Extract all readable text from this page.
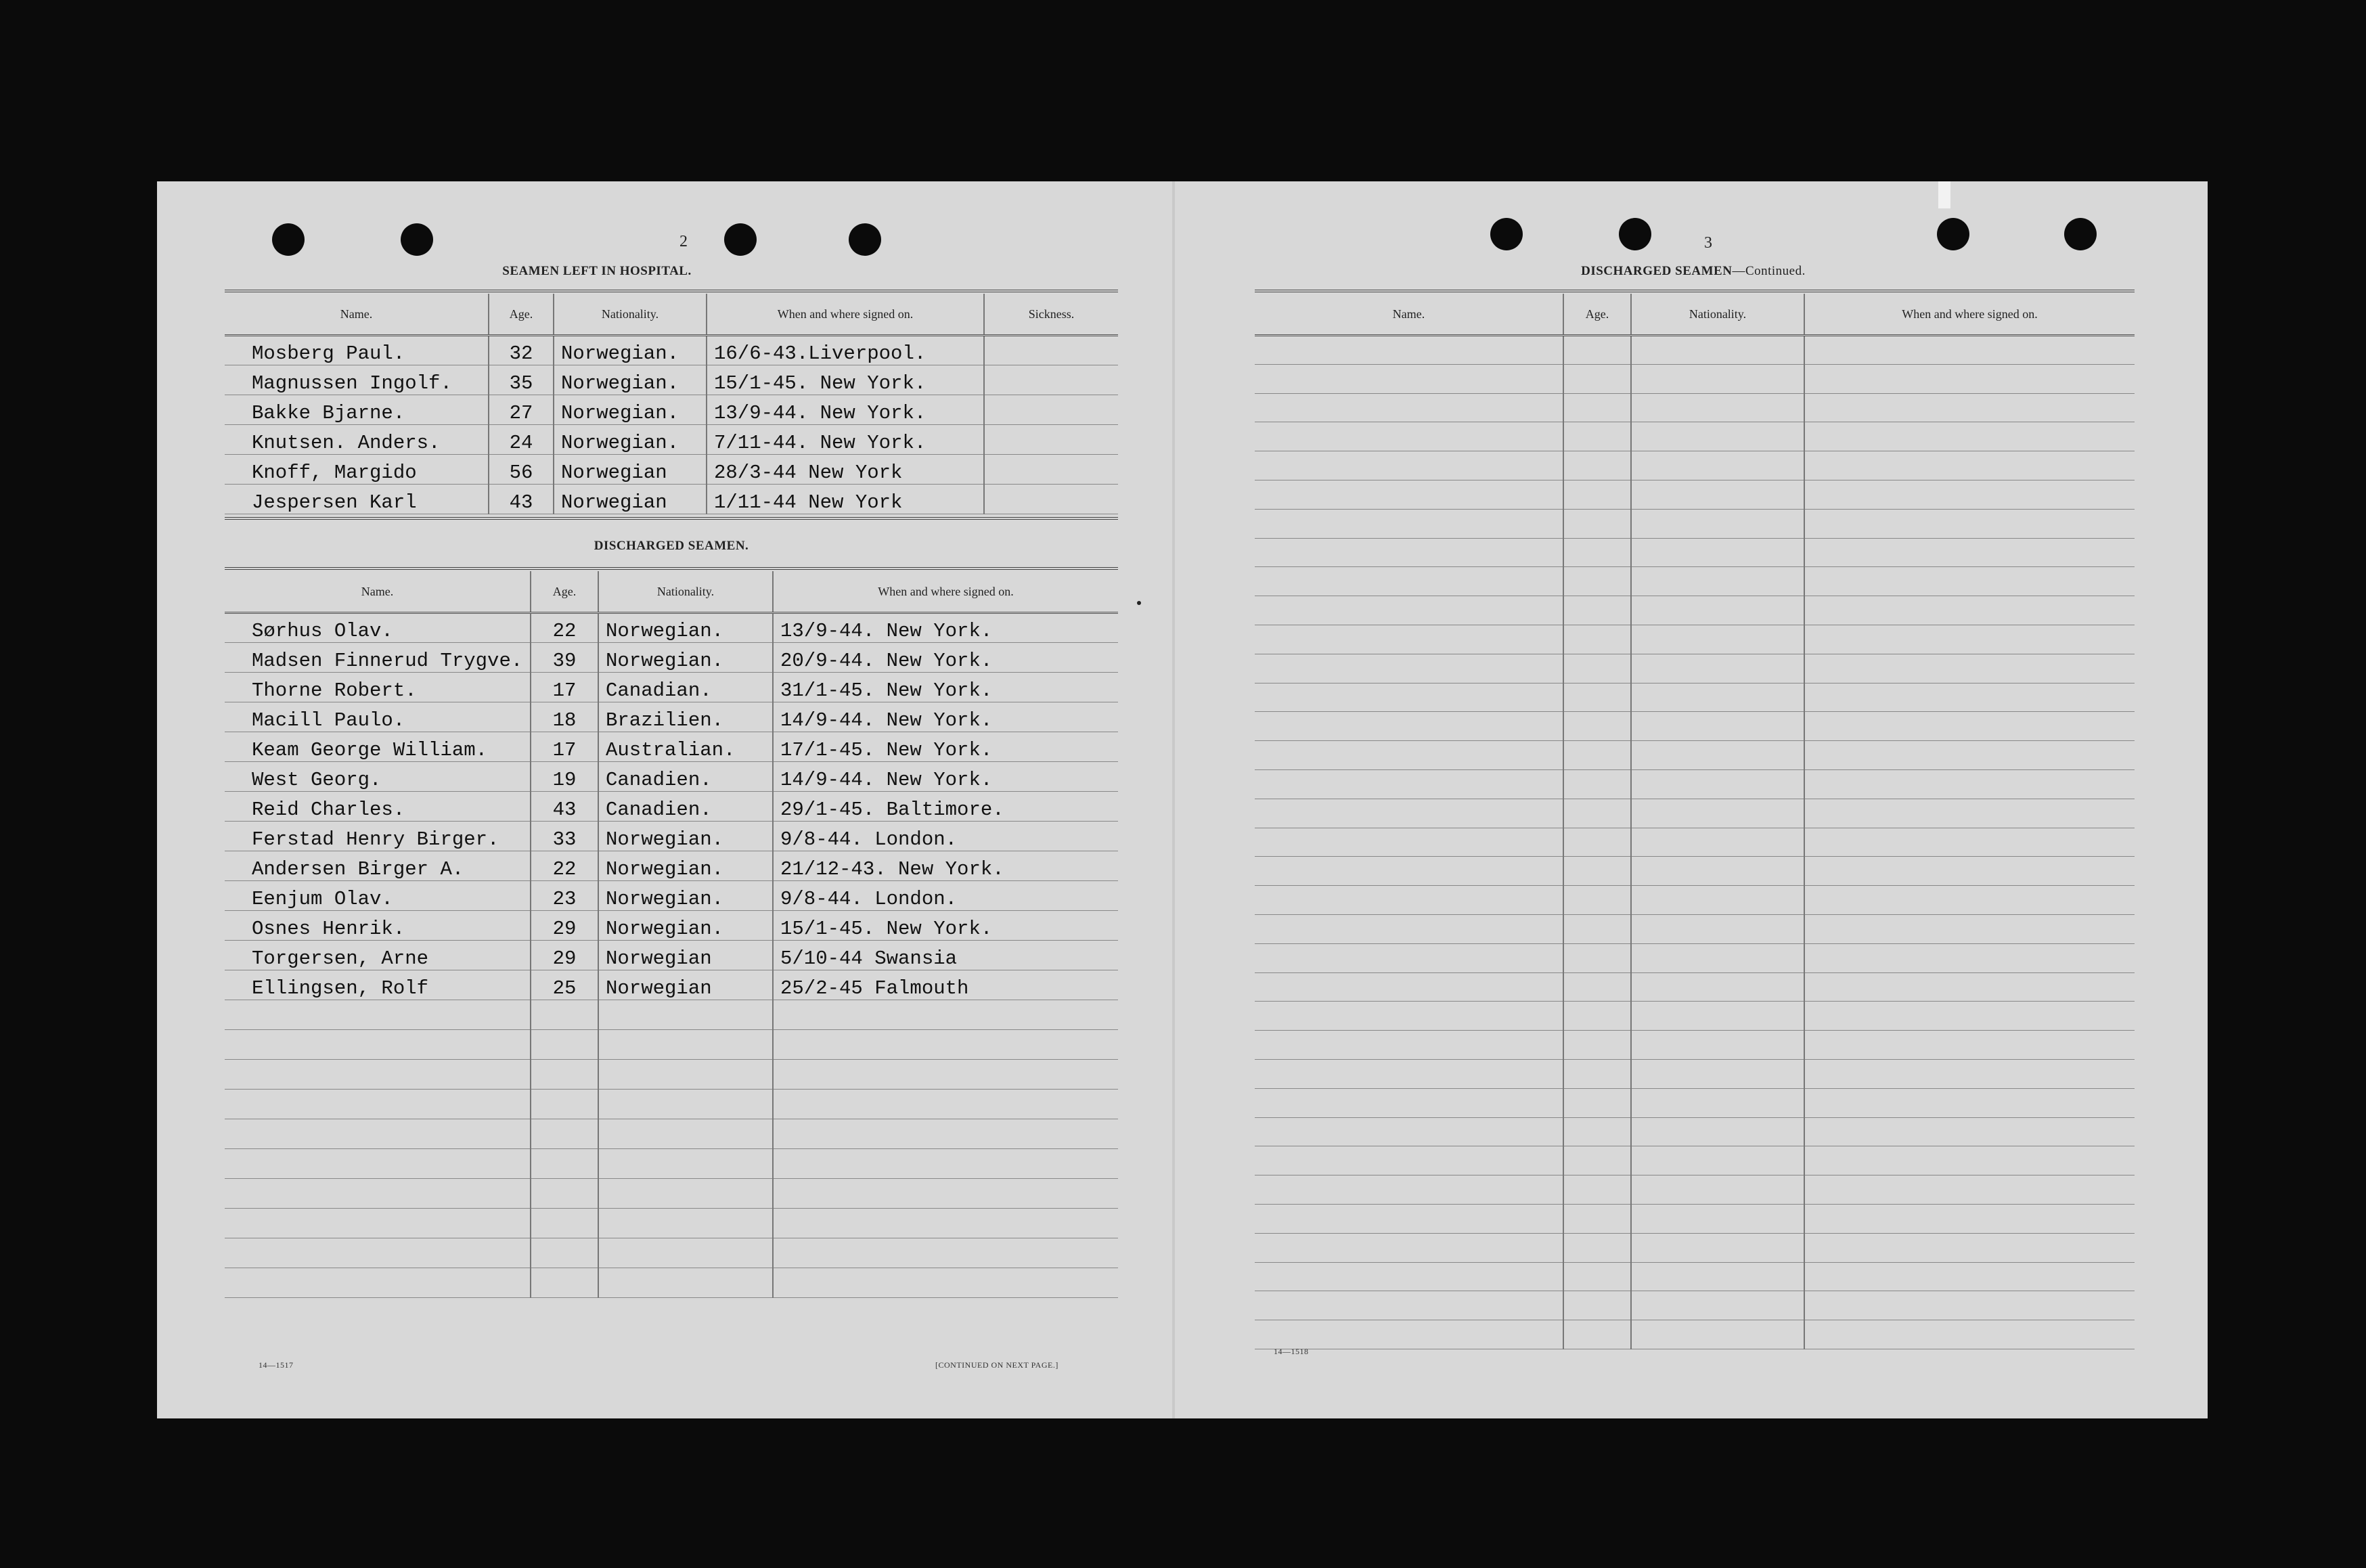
2
SEAMEN LEFT IN HOSPITAL.
Name.	Age.	Nationality.	When and where signed on.	Sickness.
Mosberg Paul.	32	Norwegian.	16/6-43.Liverpool.	
Magnussen Ingolf.	35	Norwegian.	15/1-45. New York.	
Bakke Bjarne.	27	Norwegian.	13/9-44. New York.	
Knutsen. Anders.	24	Norwegian.	7/11-44. New York.	
Knoff, Margido	56	Norwegian	28/3-44 New York	
Jespersen Karl	43	Norwegian	1/11-44 New York	
DISCHARGED SEAMEN.
Name.	Age.	Nationality.	When and where signed on.
Sørhus Olav.	22	Norwegian.	13/9-44. New York.
Madsen Finnerud Trygve.	39	Norwegian.	20/9-44. New York.
Thorne Robert.	17	Canadian.	31/1-45. New York.
Macill Paulo.	18	Brazilien.	14/9-44. New York.
Keam George William.	17	Australian.	17/1-45. New York.
West Georg.	19	Canadien.	14/9-44. New York.
Reid Charles.	43	Canadien.	29/1-45. Baltimore.
Ferstad Henry Birger.	33	Norwegian.	9/8-44. London.
Andersen Birger A.	22	Norwegian.	21/12-43. New York.
Eenjum Olav.	23	Norwegian.	9/8-44. London.
Osnes Henrik.	29	Norwegian.	15/1-45. New York.
Torgersen, Arne	29	Norwegian	5/10-44 Swansia
Ellingsen, Rolf	25	Norwegian	25/2-45 Falmouth

14—1517	[CONTINUED ON NEXT PAGE.]
3
DISCHARGED SEAMEN—Continued.
Name.	Age.	Nationality.	When and where signed on.

14—1518
